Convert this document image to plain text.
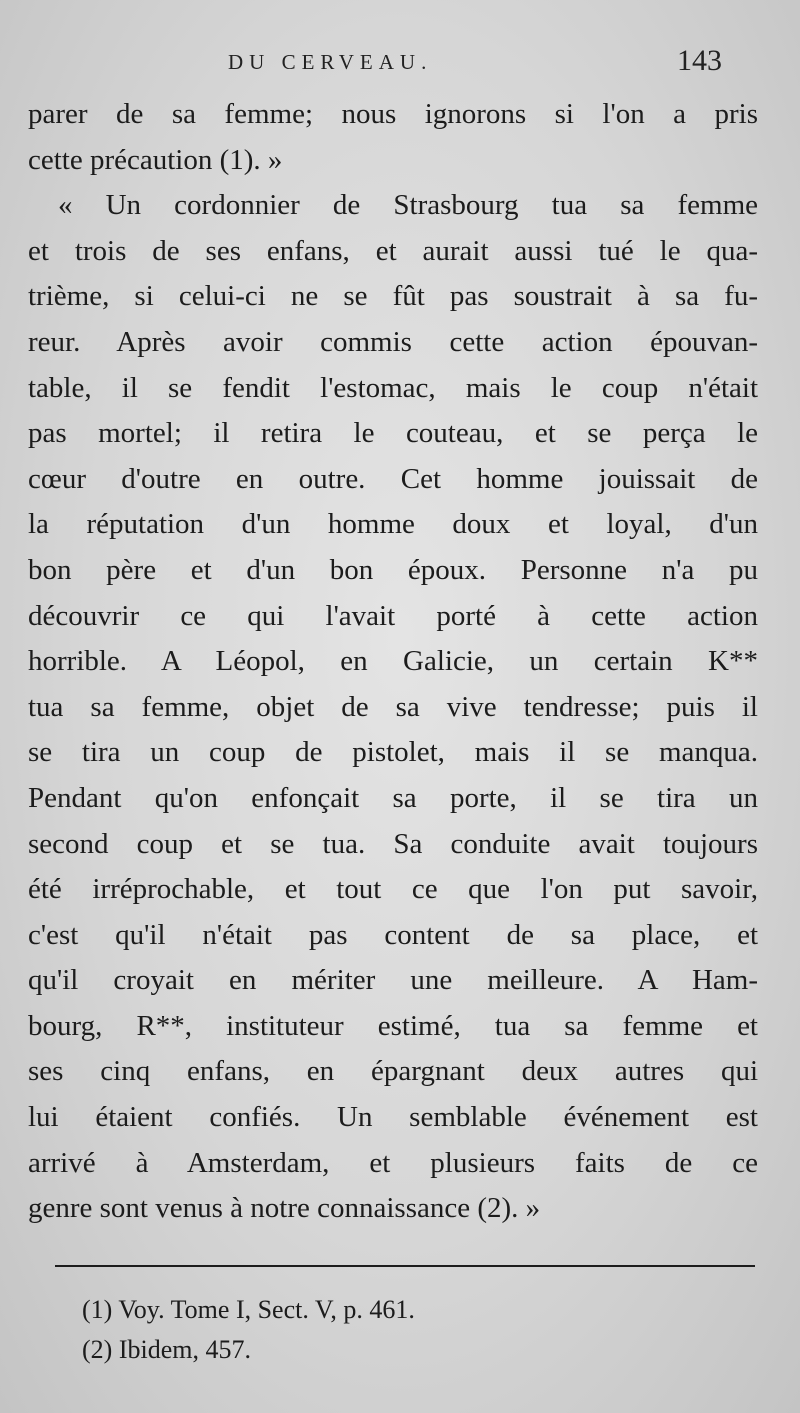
DU CERVEAU.	143
parer de sa femme; nous ignorons si l'on a pris
cette précaution (1). »
« Un cordonnier de Strasbourg tua sa femme
et trois de ses enfans, et aurait aussi tué le qua-
trième, si celui-ci ne se fût pas soustrait à sa fu-
reur. Après avoir commis cette action épouvan-
table, il se fendit l'estomac, mais le coup n'était
pas mortel; il retira le couteau, et se perça le
cœur d'outre en outre. Cet homme jouissait de
la réputation d'un homme doux et loyal, d'un
bon père et d'un bon époux. Personne n'a pu
découvrir ce qui l'avait porté à cette action
horrible. A Léopol, en Galicie, un certain K**
tua sa femme, objet de sa vive tendresse; puis il
se tira un coup de pistolet, mais il se manqua.
Pendant qu'on enfonçait sa porte, il se tira un
second coup et se tua. Sa conduite avait toujours
été irréprochable, et tout ce que l'on put savoir,
c'est qu'il n'était pas content de sa place, et
qu'il croyait en mériter une meilleure. A Ham-
bourg, R**, instituteur estimé, tua sa femme et
ses cinq enfans, en épargnant deux autres qui
lui étaient confiés. Un semblable événement est
arrivé à Amsterdam, et plusieurs faits de ce
genre sont venus à notre connaissance (2). »
(1) Voy. Tome I, Sect. V, p. 461.
(2) Ibidem, 457.
